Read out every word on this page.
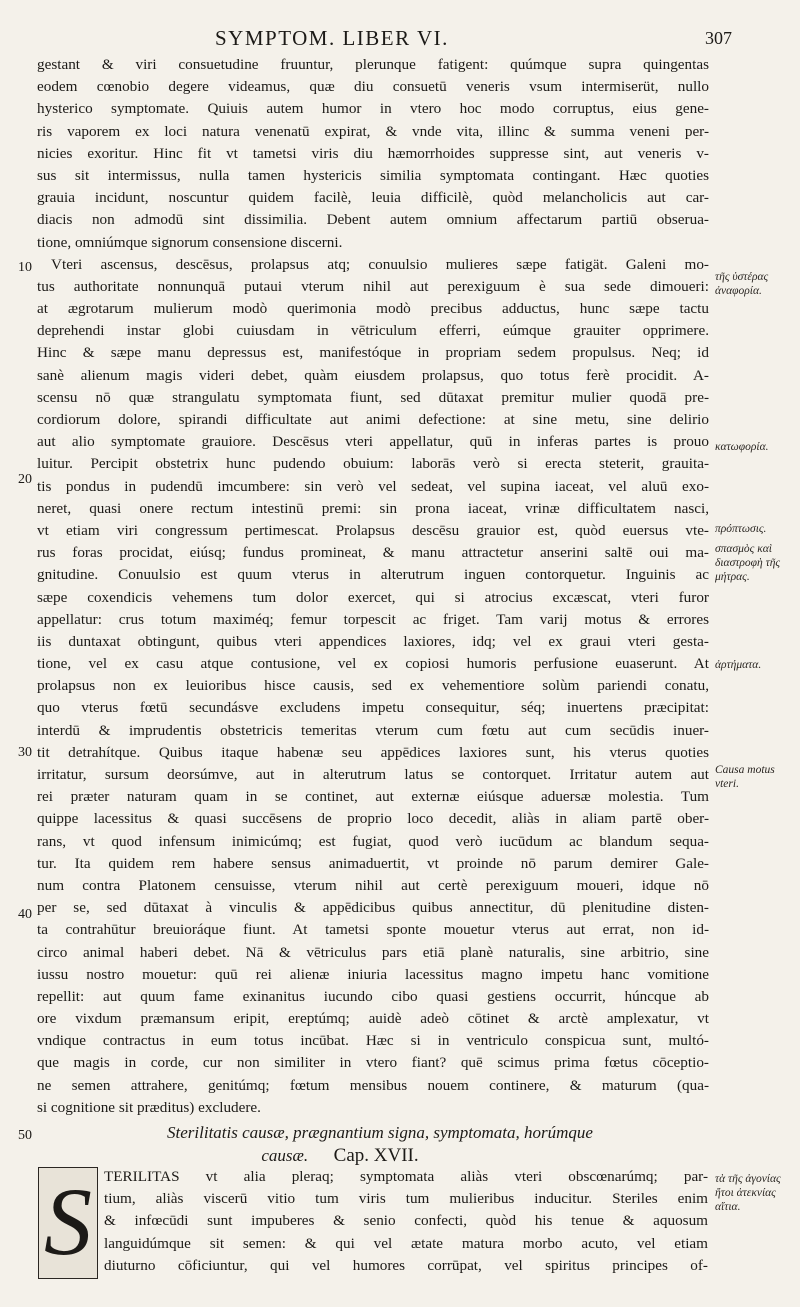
SYMPTOM. LIBER VI.	307
gestant & viri consuetudine fruuntur, plerunque fatigent: quúmque supra quingentas
eodem cœnobio degere videamus, quæ diu consuetū veneris vsum intermiserüt, nullo
hysterico symptomate. Quiuis autem humor in vtero hoc modo corruptus, eius gene-
ris vaporem ex loci natura venenatū expirat, & vnde vita, illinc & summa veneni per-
nicies exoritur. Hinc fit vt tametsi viris diu hæmorrhoides suppresse sint, aut veneris v-
sus sit intermissus, nulla tamen hystericis similia symptomata contingant. Hæc quoties
grauia incidunt, noscuntur quidem facilè, leuia difficilè, quòd melancholicis aut car-
diacis non admodū sint dissimilia. Debent autem omnium affectarum partiū obserua-
tione, omniúmque signorum consensione discerni.
Vteri ascensus, descēsus, prolapsus atq; conuulsio mulieres sæpe fatigät. Galeni mo-
tus authoritate nonnunquā putaui vterum nihil aut perexiguum è sua sede dimoueri:
at ægrotarum mulierum modò querimonia modò precibus adductus, hunc sæpe tactu
deprehendi instar globi cuiusdam in vētriculum efferri, eúmque grauiter opprimere.
Hinc & sæpe manu depressus est, manifestóque in propriam sedem propulsus. Neq; id
sanè alienum magis videri debet, quàm eiusdem prolapsus, quo totus ferè procidit. A-
scensu nō quæ strangulatu symptomata fiunt, sed dūtaxat premitur mulier quodā pre-
cordiorum dolore, spirandi difficultate aut animi defectione: at sine metu, sine delirio
aut alio symptomate grauiore. Descēsus vteri appellatur, quū in inferas partes is prouo
luitur. Percipit obstetrix hunc pudendo obuium: laborās verò si erecta steterit, grauita-
tis pondus in pudendū imcumbere: sin verò vel sedeat, vel supina iaceat, vel aluū exo-
neret, quasi onere rectum intestinū premi: sin prona iaceat, vrinæ difficultatem nasci,
vt etiam viri congressum pertimescat. Prolapsus descēsu grauior est, quòd euersus vte-
rus foras procidat, eiúsq; fundus promineat, & manu attractetur anserini saltē oui ma-
gnitudine. Conuulsio est quum vterus in alterutrum inguen contorquetur. Inguinis ac
sæpe coxendicis vehemens tum dolor exercet, qui si atrocius excæscat, vteri furor
appellatur: crus totum maximéq; femur torpescit ac friget. Tam varij motus & errores
iis duntaxat obtingunt, quibus vteri appendices laxiores, idq; vel ex graui vteri gesta-
tione, vel ex casu atque contusione, vel ex copiosi humoris perfusione euaserunt. At
prolapsus non ex leuioribus hisce causis, sed ex vehementiore solùm pariendi conatu,
quo vterus fœtū secundásve excludens impetu consequitur, séq; inuertens præcipitat:
interdū & imprudentis obstetricis temeritas vterum cum fœtu aut cum secūdis inuer-
tit detrahítque. Quibus itaque habenæ seu appēdices laxiores sunt, his vterus quoties
irritatur, sursum deorsúmve, aut in alterutrum latus se contorquet. Irritatur autem aut
rei præter naturam quam in se continet, aut externæ eiúsque aduersæ molestia. Tum
quippe lacessitus & quasi succēsens de proprio loco decedit, aliàs in aliam partē ober-
rans, vt quod infensum inimicúmq; est fugiat, quod verò iucūdum ac blandum sequa-
tur. Ita quidem rem habere sensus animaduertit, vt proinde nō parum demirer Gale-
num contra Platonem censuisse, vterum nihil aut certè perexiguum moueri, idque nō
per se, sed dūtaxat à vinculis & appēdicibus quibus annectitur, dū plenitudine disten-
ta contrahūtur breuioráque fiunt. At tametsi sponte mouetur vterus aut errat, non id-
circo animal haberi debet. Nā & vētriculus pars etiā planè naturalis, sine arbitrio, sine
iussu nostro mouetur: quū rei alienæ iniuria lacessitus magno impetu hanc vomitione
repellit: aut quum fame exinanitus iucundo cibo quasi gestiens occurrit, húncque ab
ore vixdum præmansum eripit, ereptúmq; auidè adeò cōtinet & arctè amplexatur, vt
vndique contractus in eum totus incūbat. Hæc si in ventriculo conspicua sunt, multó-
que magis in corde, cur non similiter in vtero fiant? quē scimus prima fœtus cōceptio-
ne semen attrahere, genitúmq; fœtum mensibus nouem continere, & maturum (qua-
si cognitione sit præditus) excludere.
10
20
30
40
50
τῆς ὑστέρας ἀναφορία.
κατωφορία.
πρόπτωσις.
σπασμὸς καὶ διαστροφὴ τῆς μήτρας.
ἀρτήματα.
Causa motus vteri.
τὰ τῆς ἀγονίας ἤτοι ἀτεκνίας αἴτια.
Sterilitatis causæ, prægnantium signa, symptomata, horúmque
causæ. Cap. XVII.
S TERILITAS vt alia pleraq; symptomata aliàs vteri obscœnarúmq; par-
tium, aliàs viscerū vitio tum viris tum mulieribus inducitur. Steriles enim
& infœcūdi sunt impuberes & senio confecti, quòd his tenue & aquosum
languidúmque sit semen: & qui vel ætate matura morbo acuto, vel etiam
diuturno cōficiuntur, qui vel humores corrūpat, vel spiritus principes of-
